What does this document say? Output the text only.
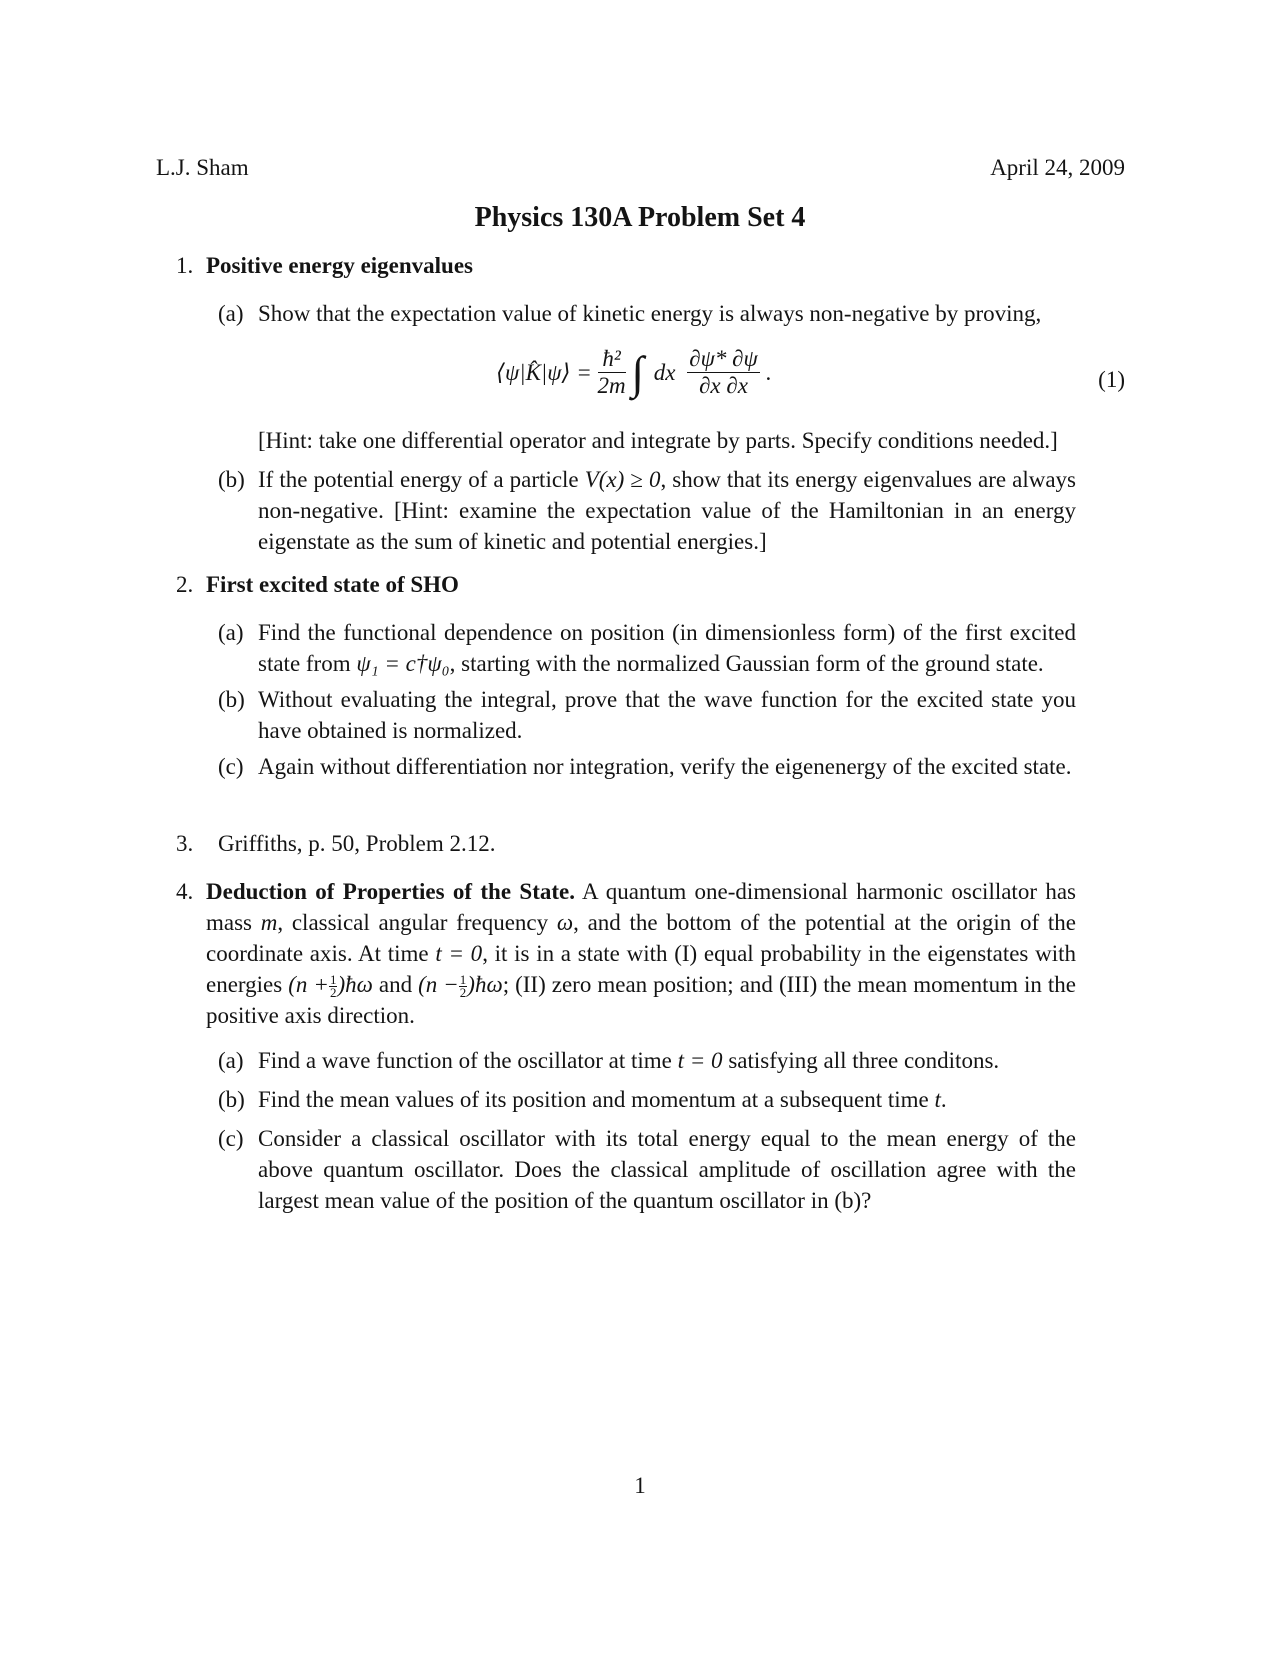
L.J. Sham	April 24, 2009
Physics 130A Problem Set 4
1. Positive energy eigenvalues
(a) Show that the expectation value of kinetic energy is always non-negative by proving,
⟨ψ|K̂|ψ⟩ = $\frac{\text{ħ²}}{2m}$ ∫ dx $\frac{\partial\psi* \partial\psi}{\partial x \partial x}$ .	(1)
[Hint: take one differential operator and integrate by parts. Specify conditions needed.]
(b) If the potential energy of a particle V(x) ≥ 0, show that its energy eigenvalues are always non-negative. [Hint: examine the expectation value of the Hamiltonian in an energy eigenstate as the sum of kinetic and potential energies.]
2. First excited state of SHO
(a) Find the functional dependence on position (in dimensionless form) of the first excited state from ψ₁ = c†ψ₀, starting with the normalized Gaussian form of the ground state.
(b) Without evaluating the integral, prove that the wave function for the excited state you have obtained is normalized.
(c) Again without differentiation nor integration, verify the eigenenergy of the excited state.
3. Griffiths, p. 50, Problem 2.12.
4. Deduction of Properties of the State. A quantum one-dimensional harmonic oscillator has mass m, classical angular frequency ω, and the bottom of the potential at the origin of the coordinate axis. At time t = 0, it is in a state with (I) equal probability in the eigenstates with energies ($n + \frac{1}{2}$ )ħω and ($n - \frac{1}{2}$ )ħω; (II) zero mean position; and (III) the mean momentum in the positive axis direction.
(a) Find a wave function of the oscillator at time t = 0 satisfying all three conditons.
(b) Find the mean values of its position and momentum at a subsequent time t.
(c) Consider a classical oscillator with its total energy equal to the mean energy of the above quantum oscillator. Does the classical amplitude of oscillation agree with the largest mean value of the position of the quantum oscillator in (b)?
1
